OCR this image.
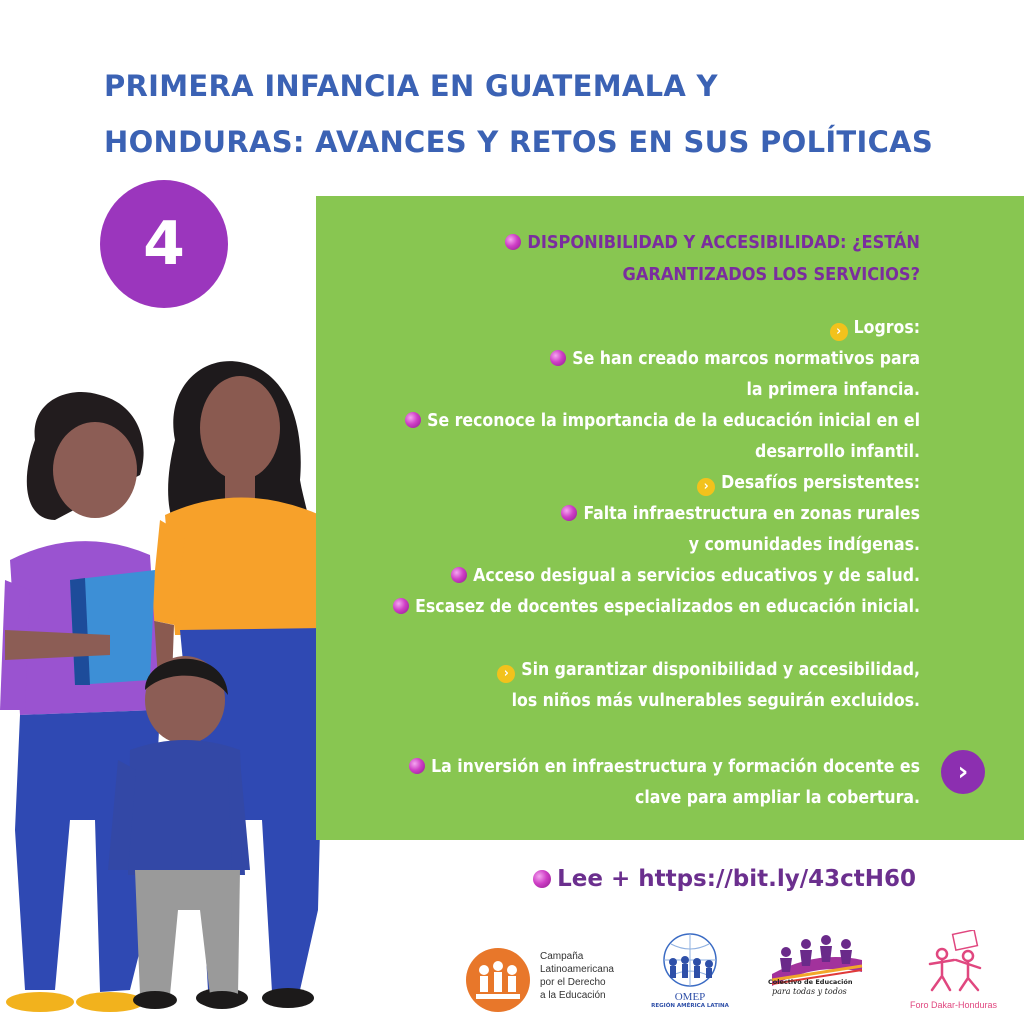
PRIMERA INFANCIA EN GUATEMALA Y
HONDURAS: AVANCES Y RETOS EN SUS POLÍTICAS
4	DISPONIBILIDAD Y ACCESIBILIDAD: ¿ESTÁN
GARANTIZADOS LOS SERVICIOS?
› Logros:
Se han creado marcos normativos para
la primera infancia.
Se reconoce la importancia de la educación inicial en el
desarrollo infantil.
› Desafíos persistentes:
Falta infraestructura en zonas rurales
y comunidades indígenas.
Acceso desigual a servicios educativos y de salud.
Escasez de docentes especializados en educación inicial.
› Sin garantizar disponibilidad y accesibilidad,
los niños más vulnerables seguirán excluidos.
La inversión en infraestructura y formación docente es
clave para ampliar la cobertura.
›
Lee + https://bit.ly/43ctH60
Campaña
Latinoamericana
por el Derecho
a la Educación	OMEP
REGIÓN AMÉRICA LATINA
Colectivo de Educación
para todas y todos
Foro Dakar-Honduras
